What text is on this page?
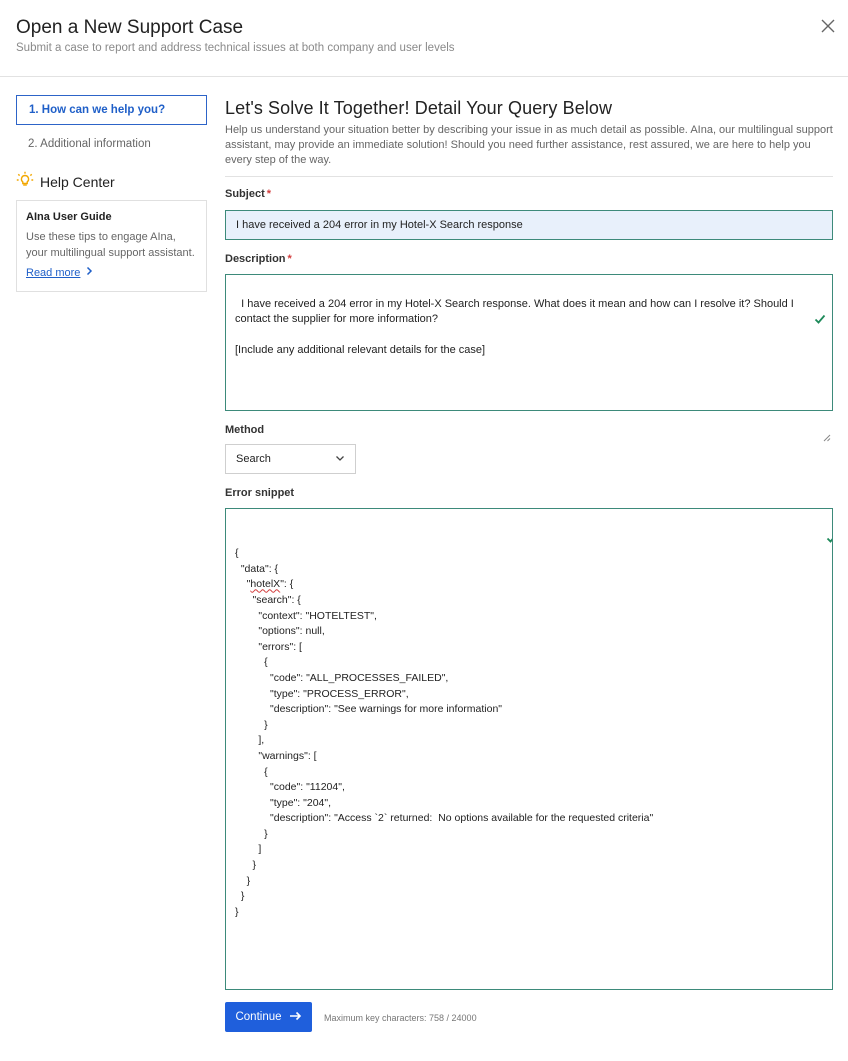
Open a New Support Case
Submit a case to report and address technical issues at both company and user levels
1. How can we help you?
2. Additional information
Help Center
AIna User Guide
Use these tips to engage AIna, your multilingual support assistant.
Read more
Let's Solve It Together! Detail Your Query Below
Help us understand your situation better by describing your issue in as much detail as possible. AIna, our multilingual support assistant, may provide an immediate solution! Should you need further assistance, rest assured, we are here to help you every step of the way.
Subject *
I have received a 204 error in my Hotel-X Search response
Description *

I have received a 204 error in my Hotel-X Search response. What does it mean and how can I resolve it? Should I contact the supplier for more information?

[Include any additional relevant details for the case]

Method
Search
Error snippet

{
"data": {
"hotelX": {
"search": {
"context": "HOTELTEST",
"options": null,
"errors": [
{
"code": "ALL_PROCESSES_FAILED",
"type": "PROCESS_ERROR",
"description": "See warnings for more information"
}
],
"warnings": [
{
"code": "11204",
"type": "204",
"description": "Access `2` returned:  No options available for the requested criteria"
}
]
}
}
}
}

Continue	Maximum key characters: 758 / 24000
